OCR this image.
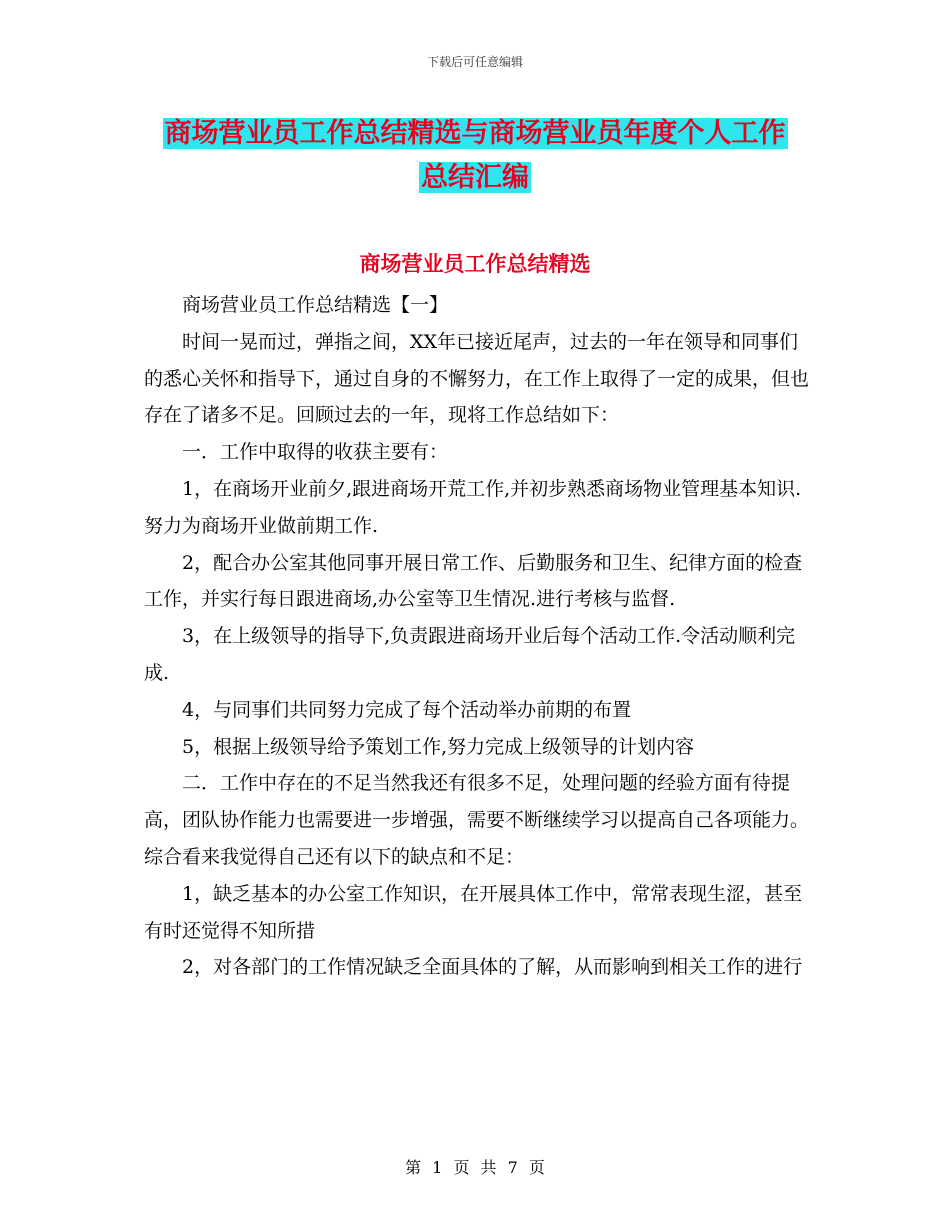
下载后可任意编辑
商场营业员工作总结精选与商场营业员年度个人工作
总结汇编
商场营业员工作总结精选

商场营业员工作总结精选【一】

时间一晃而过，弹指之间，XX年已接近尾声，过去的一年在领导和同事们的悉心关怀和指导下，通过自身的不懈努力，在工作上取得了一定的成果，但也存在了诸多不足。回顾过去的一年，现将工作总结如下：

一．工作中取得的收获主要有：

1，在商场开业前夕,跟进商场开荒工作,并初步熟悉商场物业管理基本知识.努力为商场开业做前期工作.

2，配合办公室其他同事开展日常工作、后勤服务和卫生、纪律方面的检查工作，并实行每日跟进商场,办公室等卫生情况.进行考核与监督.

3，在上级领导的指导下,负责跟进商场开业后每个活动工作.令活动顺利完成.

4，与同事们共同努力完成了每个活动举办前期的布置

5，根据上级领导给予策划工作,努力完成上级领导的计划内容

二．工作中存在的不足当然我还有很多不足，处理问题的经验方面有待提高，团队协作能力也需要进一步增强，需要不断继续学习以提高自己各项能力。综合看来我觉得自己还有以下的缺点和不足：

1，缺乏基本的办公室工作知识，在开展具体工作中，常常表现生涩，甚至有时还觉得不知所措

2，对各部门的工作情况缺乏全面具体的了解，从而影响到相关工作的进行

第 1 页 共 7 页
